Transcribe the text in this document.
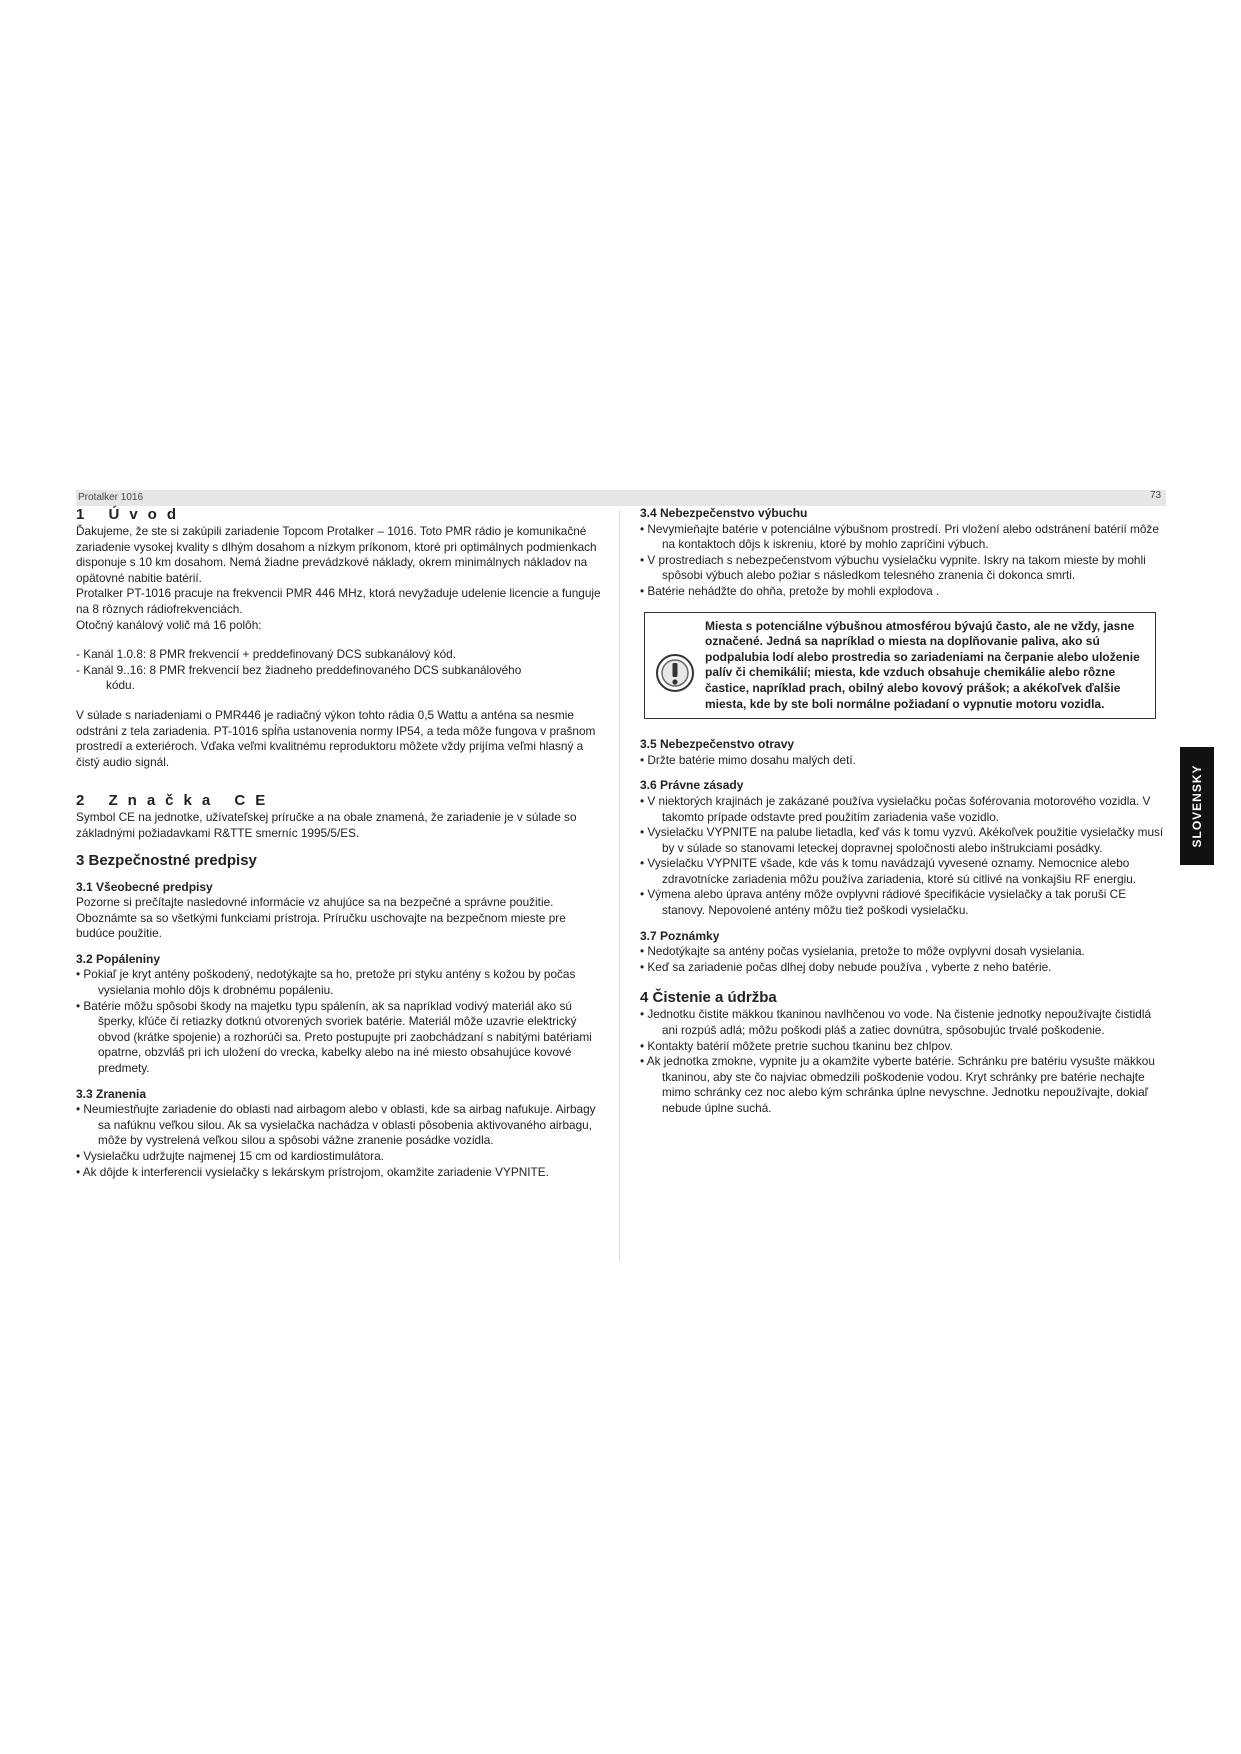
Protalker 1016	73

1 Úvod

Ďakujeme, že ste si zakúpili zariadenie Topcom Protalker – 1016. Toto PMR rádio je komunikačné zariadenie vysokej kvality s dlhým dosahom a nízkym príkonom, ktoré pri optimálnych podmienkach disponuje s 10 km dosahom. Nemá žiadne prevádzkové náklady, okrem minimálnych nákladov na opätovné nabitie batérií.

Protalker PT-1016 pracuje na frekvencii PMR 446 MHz, ktorá nevyžaduje udelenie licencie a funguje na 8 rôznych rádiofrekvenciách.

Otočný kanálový volič má 16 polôh:

- Kanál 1.0.8: 8 PMR frekvencií + preddefinovaný DCS subkanálový kód.

- Kanál 9..16: 8 PMR frekvencií bez žiadneho preddefinovaného DCS subkanálového
kódu.

V súlade s nariadeniami o PMR446 je radiačný výkon tohto rádia 0,5 Wattu a anténa sa nesmie odstráni z tela zariadenia. PT-1016 spĺňa ustanovenia normy IP54, a teda môže fungova v prašnom prostredí a exteriéroch. Vďaka veľmi kvalitnému reproduktoru môžete vždy prijíma veľmi hlasný a čistý audio signál.

2 Značka CE

Symbol CE na jednotke, užívateľskej príručke a na obale znamená, že zariadenie je v súlade so základnými požiadavkami R&TTE smerníc 1995/5/ES.

3 Bezpečnostné predpisy

3.1 Všeobecné predpisy

Pozorne si prečítajte nasledovné informácie vz ahujúce sa na bezpečné a správne použitie. Oboznámte sa so všetkými funkciami prístroja. Príručku uschovajte na bezpečnom mieste pre budúce použitie.

3.2 Popáleniny

• Pokiaľ je kryt antény poškodený, nedotýkajte sa ho, pretože pri styku antény s kožou by počas vysielania mohlo dôjs k drobnému popáleniu.

• Batérie môžu spôsobi škody na majetku typu spálenín, ak sa napríklad vodivý materiál ako sú šperky, kľúče či retiazky dotknú otvorených svoriek batérie. Materiál môže uzavrie elektrický obvod (krátke spojenie) a rozhorúči sa. Preto postupujte pri zaobchádzaní s nabitými batériami opatrne, obzvláš pri ich uložení do vrecka, kabelky alebo na iné miesto obsahujúce kovové predmety.

3.3 Zranenia

• Neumiestňujte zariadenie do oblasti nad airbagom alebo v oblasti, kde sa airbag nafukuje. Airbagy sa nafúknu veľkou silou. Ak sa vysielačka nachádza v oblasti pôsobenia aktivovaného airbagu, môže by vystrelená veľkou silou a spôsobi vážne zranenie posádke vozidla.

• Vysielačku udržujte najmenej 15 cm od kardiostimulátora.

• Ak dôjde k interferencii vysielačky s lekárskym prístrojom, okamžite zariadenie VYPNITE.

3.4 Nebezpečenstvo výbuchu

• Nevymieňajte batérie v potenciálne výbušnom prostredí. Pri vložení alebo odstránení batérií môže na kontaktoch dôjs k iskreniu, ktoré by mohlo zapríčini výbuch.

• V prostrediach s nebezpečenstvom výbuchu vysielačku vypnite. Iskry na takom mieste by mohli spôsobi výbuch alebo požiar s následkom telesného zranenia či dokonca smrti.

• Batérie nehádžte do ohňa, pretože by mohli explodova .

Miesta s potenciálne výbušnou atmosférou bývajú často, ale ne vždy, jasne označené. Jedná sa napríklad o miesta na doplňovanie paliva, ako sú podpalubia lodí alebo prostredia so zariadeniami na čerpanie alebo uloženie palív či chemikálií; miesta, kde vzduch obsahuje chemikálie alebo rôzne častice, napríklad prach, obilný alebo kovový prášok; a akékoľvek ďalšie miesta, kde by ste boli normálne požiadaní o vypnutie motoru vozidla.

3.5 Nebezpečenstvo otravy

• Držte batérie mimo dosahu malých detí.

3.6 Právne zásady

• V niektorých krajinách je zakázané používa vysielačku počas šoférovania motorového vozidla. V takomto prípade odstavte pred použitím zariadenia vaše vozidlo.

• Vysielačku VYPNITE na palube lietadla, keď vás k tomu vyzvú. Akékoľvek použitie vysielačky musí by v súlade so stanovami leteckej dopravnej spoločnosti alebo inštrukciami posádky.

• Vysielačku VYPNITE všade, kde vás k tomu navádzajú vyvesené oznamy. Nemocnice alebo zdravotnícke zariadenia môžu používa zariadenia, ktoré sú citlivé na vonkajšiu RF energiu.

• Výmena alebo úprava antény môže ovplyvni rádiové špecifikácie vysielačky a tak poruši CE stanovy. Nepovolené antény môžu tiež poškodi vysielačku.

3.7 Poznámky

• Nedotýkajte sa antény počas vysielania, pretože to môže ovplyvni dosah vysielania.

• Keď sa zariadenie počas dlhej doby nebude používa , vyberte z neho batérie.

4 Čistenie a údržba

• Jednotku čistite mäkkou tkaninou navlhčenou vo vode. Na čistenie jednotky nepoužívajte čistidlá ani rozpúš adlá; môžu poškodi pláš a zatiec dovnútra, spôsobujúc trvalé poškodenie.

• Kontakty batérií môžete pretrie suchou tkaninu bez chlpov.

• Ak jednotka zmokne, vypnite ju a okamžite vyberte batérie. Schránku pre batériu vysušte mäkkou tkaninou, aby ste čo najviac obmedzili poškodenie vodou. Kryt schránky pre batérie nechajte mimo schránky cez noc alebo kým schránka úplne nevyschne. Jednotku nepoužívajte, dokiaľ nebude úplne suchá.

SLOVENSKY
